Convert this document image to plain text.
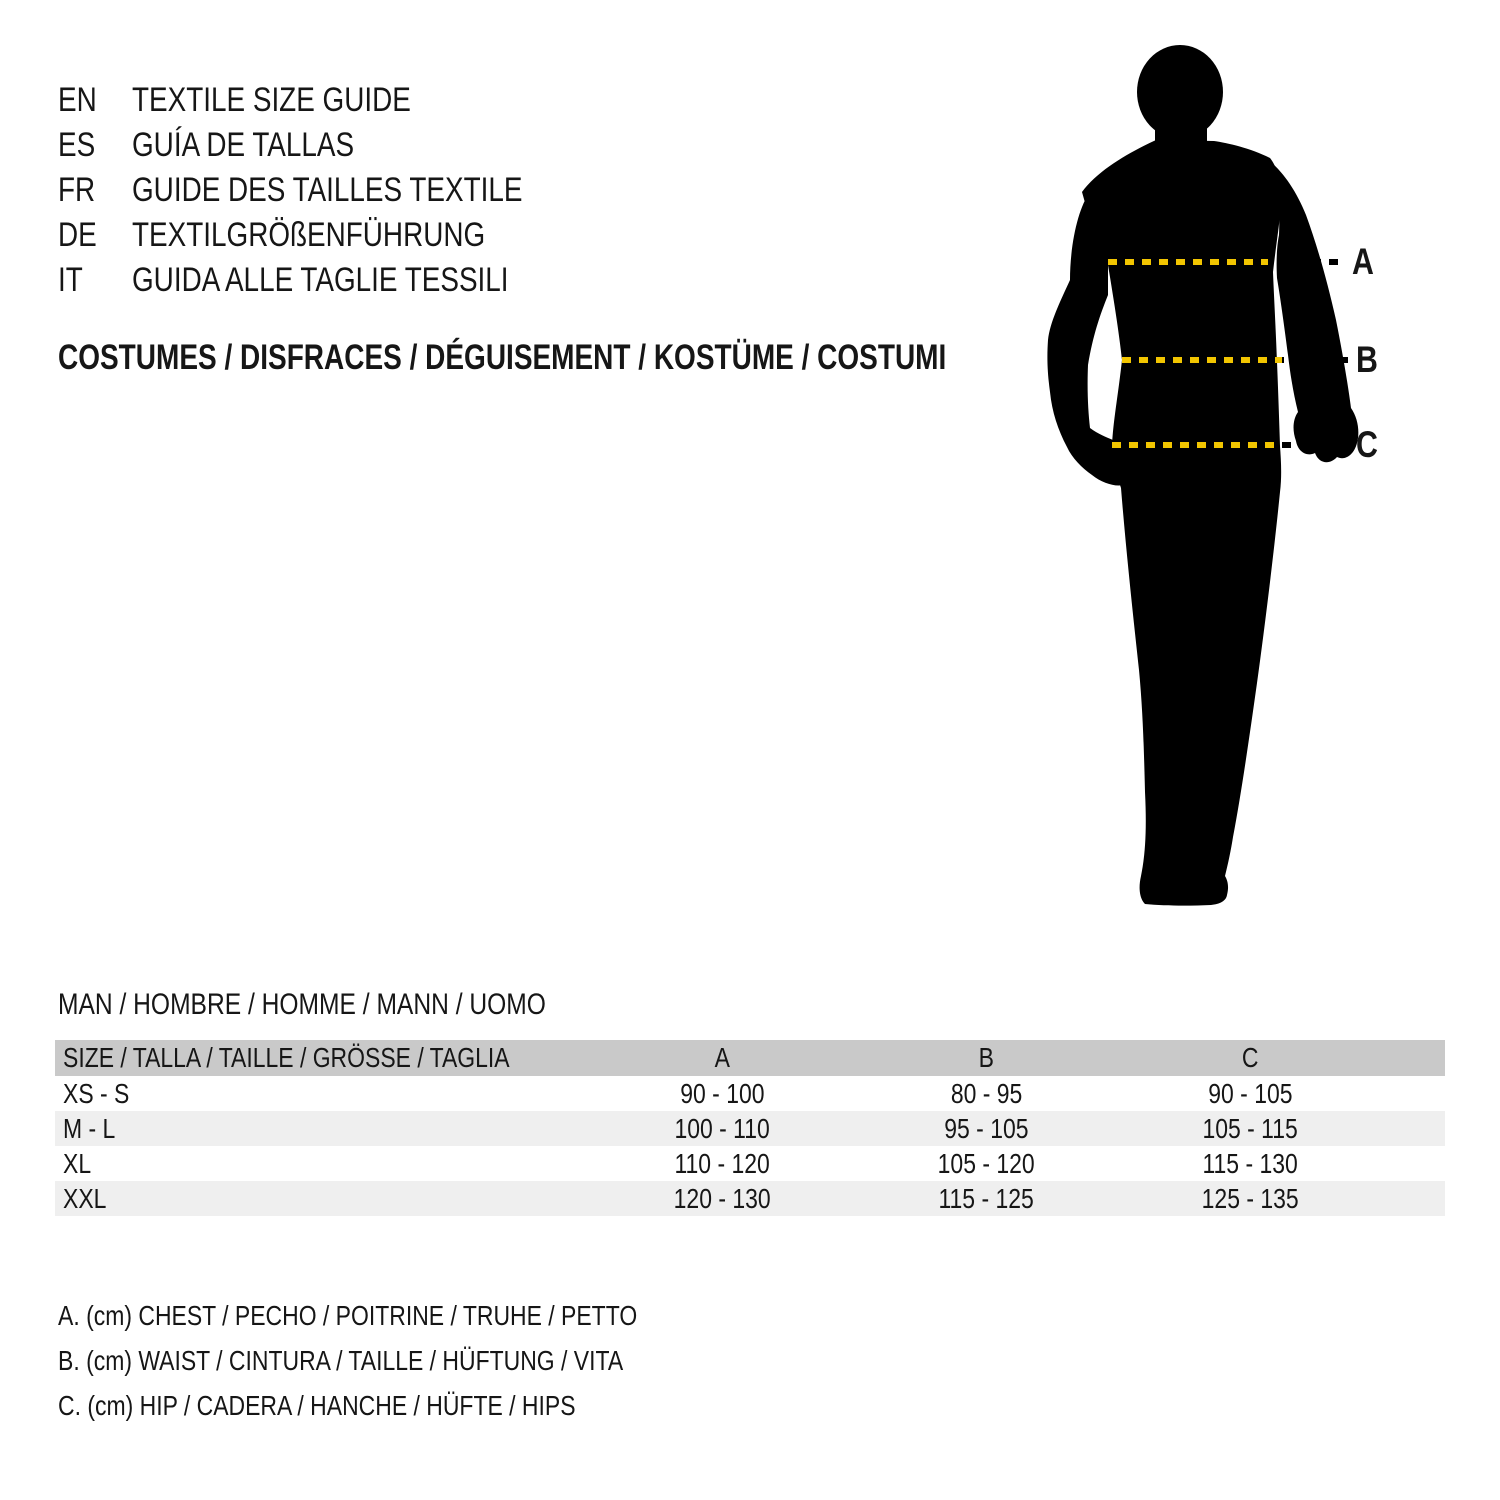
EN TEXTILE SIZE GUIDE
ES GUÍA DE TALLAS
FR GUIDE DES TAILLES TEXTILE
DE TEXTILGRÖßENFÜHRUNG
IT GUIDA ALLE TAGLIE TESSILI
COSTUMES / DISFRACES / DÉGUISEMENT / KOSTÜME / COSTUMI
A
B
C
MAN / HOMBRE / HOMME / MANN / UOMO
SIZE / TALLA / TAILLE / GRÖSSE / TAGLIA	A	B	C	
XS - S	90 - 100	80 - 95	90 - 105	
M - L	100 - 110	95 - 105	105 - 115	
XL	110 - 120	105 - 120	115 - 130	
XXL	120 - 130	115 - 125	125 - 135	
A. (cm) CHEST / PECHO / POITRINE / TRUHE / PETTO
B. (cm) WAIST / CINTURA / TAILLE / HÜFTUNG / VITA
C. (cm) HIP / CADERA / HANCHE / HÜFTE / HIPS
